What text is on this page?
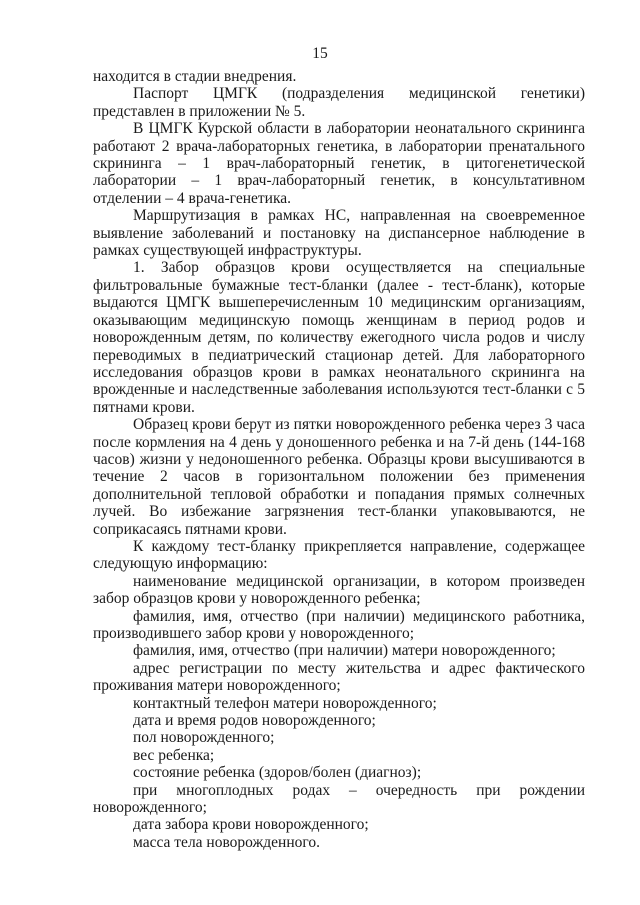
15

находится в стадии внедрения.

Паспорт ЦМГК (подразделения медицинской генетики) представлен в приложении № 5.

В ЦМГК Курской области в лаборатории неонатального скрининга работают 2 врача-лабораторных генетика, в лаборатории пренатального скрининга – 1 врач-лабораторный генетик, в цитогенетической лаборатории – 1 врач-лабораторный генетик, в консультативном отделении – 4 врача-генетика.

Маршрутизация в рамках НС, направленная на своевременное выявление заболеваний и постановку на диспансерное наблюдение в рамках существующей инфраструктуры.

1. Забор образцов крови осуществляется на специальные фильтровальные бумажные тест-бланки (далее - тест-бланк), которые выдаются ЦМГК вышеперечисленным 10 медицинским организациям, оказывающим медицинскую помощь женщинам в период родов и новорожденным детям, по количеству ежегодного числа родов и числу переводимых в педиатрический стационар детей. Для лабораторного исследования образцов крови в рамках неонатального скрининга на врожденные и наследственные заболевания используются тест-бланки с 5 пятнами крови.

Образец крови берут из пятки новорожденного ребенка через 3 часа после кормления на 4 день у доношенного ребенка и на 7-й день (144-168 часов) жизни у недоношенного ребенка. Образцы крови высушиваются в течение 2 часов в горизонтальном положении без применения дополнительной тепловой обработки и попадания прямых солнечных лучей. Во избежание загрязнения тест-бланки упаковываются, не соприкасаясь пятнами крови.

К каждому тест-бланку прикрепляется направление, содержащее следующую информацию:

наименование медицинской организации, в котором произведен забор образцов крови у новорожденного ребенка;

фамилия, имя, отчество (при наличии) медицинского работника, производившего забор крови у новорожденного;

фамилия, имя, отчество (при наличии) матери новорожденного;

адрес регистрации по месту жительства и адрес фактического проживания матери новорожденного;

контактный телефон матери новорожденного;

дата и время родов новорожденного;

пол новорожденного;

вес ребенка;

состояние ребенка (здоров/болен (диагноз);

при многоплодных родах – очередность при рождении новорожденного;

дата забора крови новорожденного;

масса тела новорожденного.
